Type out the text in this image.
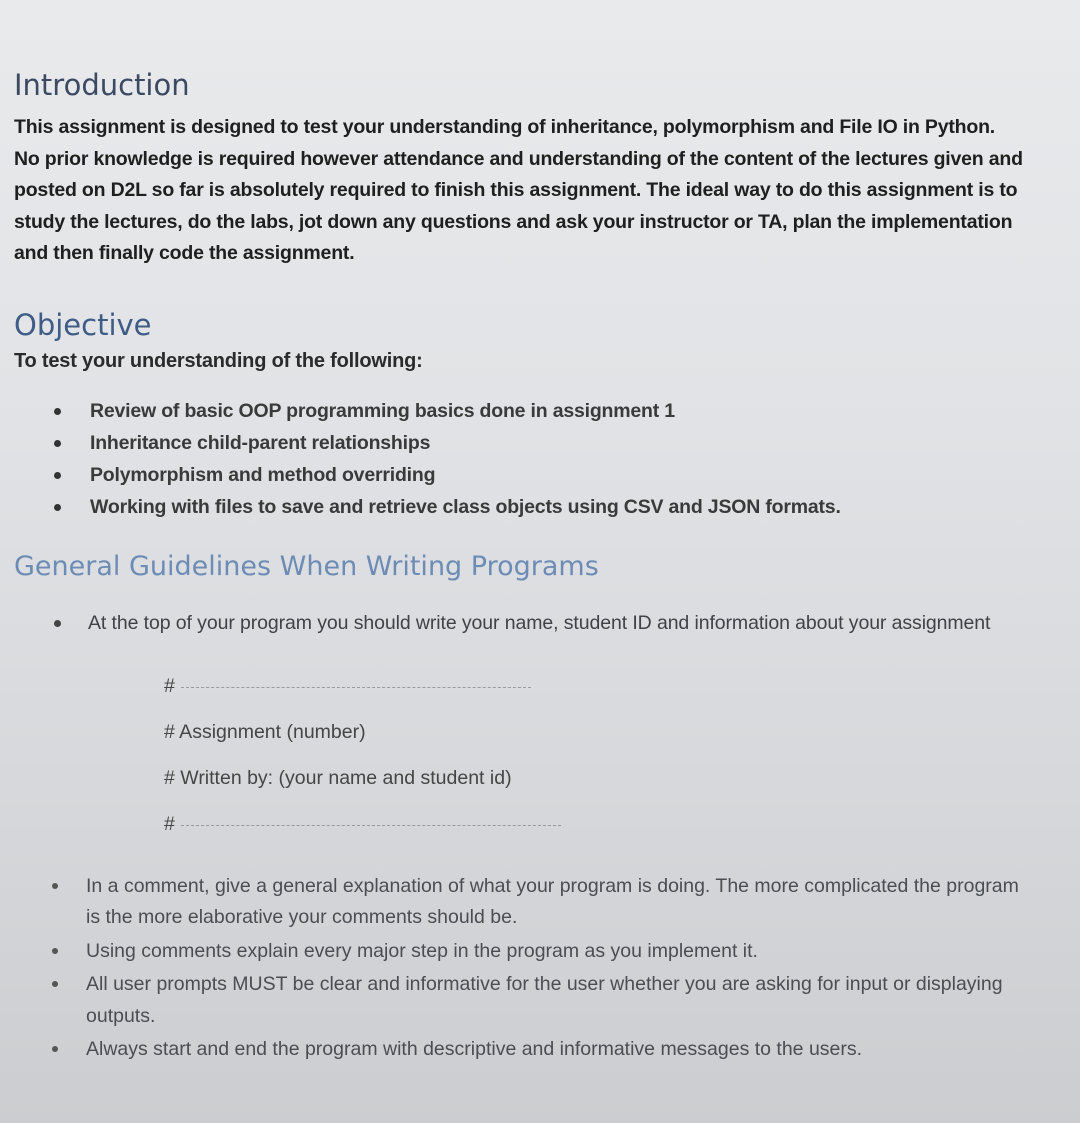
Introduction

This assignment is designed to test your understanding of inheritance, polymorphism and File IO in Python. No prior knowledge is required however attendance and understanding of the content of the lectures given and posted on D2L so far is absolutely required to finish this assignment. The ideal way to do this assignment is to study the lectures, do the labs, jot down any questions and ask your instructor or TA, plan the implementation and then finally code the assignment.

Objective

To test your understanding of the following:

Review of basic OOP programming basics done in assignment 1
Inheritance child-parent relationships
Polymorphism and method overriding
Working with files to save and retrieve class objects using CSV and JSON formats.
General Guidelines When Writing Programs
At the top of your program you should write your name, student ID and information about your assignment
#
# Assignment (number)
# Written by: (your name and student id)
#
In a comment, give a general explanation of what your program is doing. The more complicated the program is the more elaborative your comments should be.
Using comments explain every major step in the program as you implement it.
All user prompts MUST be clear and informative for the user whether you are asking for input or displaying outputs.
Always start and end the program with descriptive and informative messages to the users.
